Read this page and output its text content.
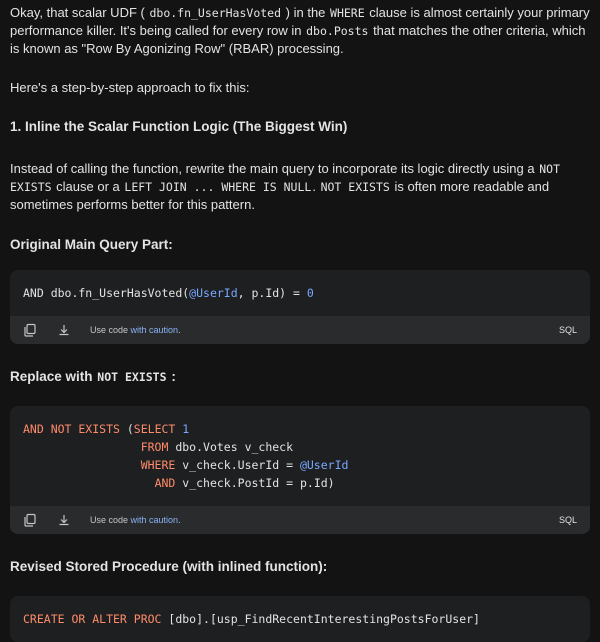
Okay, that scalar UDF ( dbo.fn_UserHasVoted ) in the WHERE clause is almost certainly your primary performance killer. It's being called for every row in dbo.Posts that matches the other criteria, which is known as "Row By Agonizing Row" (RBAR) processing.

Here's a step-by-step approach to fix this:

1. Inline the Scalar Function Logic (The Biggest Win)

Instead of calling the function, rewrite the main query to incorporate its logic directly using a NOT EXISTS clause or a LEFT JOIN ... WHERE IS NULL. NOT EXISTS is often more readable and sometimes performs better for this pattern.

Original Main Query Part:
AND dbo.fn_UserHasVoted(@UserId, p.Id) = 0
Use code with caution.	SQL
Replace with NOT EXISTS :
AND NOT EXISTS (SELECT 1
FROM dbo.Votes v_check
WHERE v_check.UserId = @UserId
AND v_check.PostId = p.Id)
Use code with caution.	SQL
Revised Stored Procedure (with inlined function):
CREATE OR ALTER PROC [dbo].[usp_FindRecentInterestingPostsForUser]
